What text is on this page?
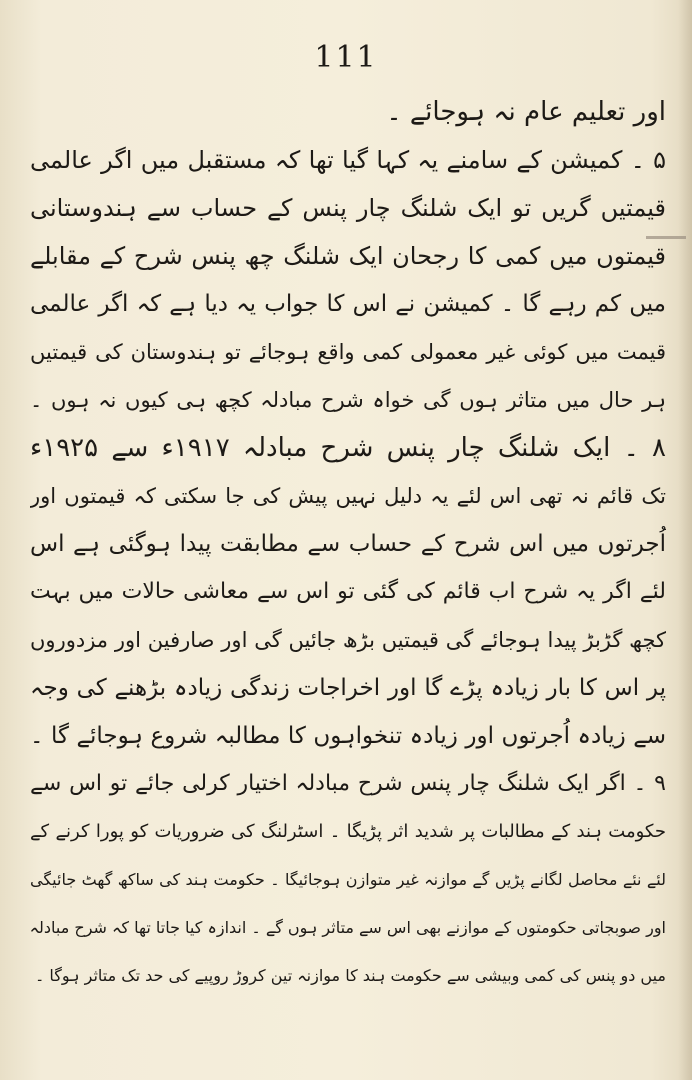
111
اور تعلیم عام نہ ہوجائے ۔
۵ ۔ کمیشن کے سامنے یہ کہا گیا تھا کہ مستقبل میں اگر عالمی
قیمتیں گریں تو ایک شلنگ چار پنس کے حساب سے ہندوستانی
قیمتوں میں کمی کا رجحان ایک شلنگ چھ پنس شرح کے مقابلے
میں کم رہے گا ۔ کمیشن نے اس کا جواب یہ دیا ہے کہ اگر عالمی
قیمت میں کوئی غیر معمولی کمی واقع ہوجائے تو ہندوستان کی قیمتیں
ہر حال میں متاثر ہوں گی خواہ شرح مبادلہ کچھ ہی کیوں نہ ہوں ۔
۸ ۔ ایک شلنگ چار پنس شرح مبادلہ ۱۹۱۷ء سے ۱۹۲۵ء
تک قائم نہ تھی اس لئے یہ دلیل نہیں پیش کی جا سکتی کہ قیمتوں اور
اُجرتوں میں اس شرح کے حساب سے مطابقت پیدا ہوگئی ہے اس
لئے اگر یہ شرح اب قائم کی گئی تو اس سے معاشی حالات میں بہت
کچھ گڑبڑ پیدا ہوجائے گی قیمتیں بڑھ جائیں گی اور صارفین اور مزدوروں
پر اس کا بار زیادہ پڑے گا اور اخراجات زندگی زیادہ بڑھنے کی وجہ
سے زیادہ اُجرتوں اور زیادہ تنخواہوں کا مطالبہ شروع ہوجائے گا ۔
۹ ۔ اگر ایک شلنگ چار پنس شرح مبادلہ اختیار کرلی جائے تو اس سے
حکومت ہند کے مطالبات پر شدید اثر پڑیگا ۔ اسٹرلنگ کی ضروریات کو پورا کرنے کے
لئے نئے محاصل لگانے پڑیں گے موازنہ غیر متوازن ہوجائیگا ۔ حکومت ہند کی ساکھ گھٹ جائیگی
اور صوبجاتی حکومتوں کے موازنے بھی اس سے متاثر ہوں گے ۔ اندازہ کیا جاتا تھا کہ شرح مبادلہ
میں دو پنس کی کمی وبیشی سے حکومت ہند کا موازنہ تین کروڑ روپیے کی حد تک متاثر ہوگا ۔
